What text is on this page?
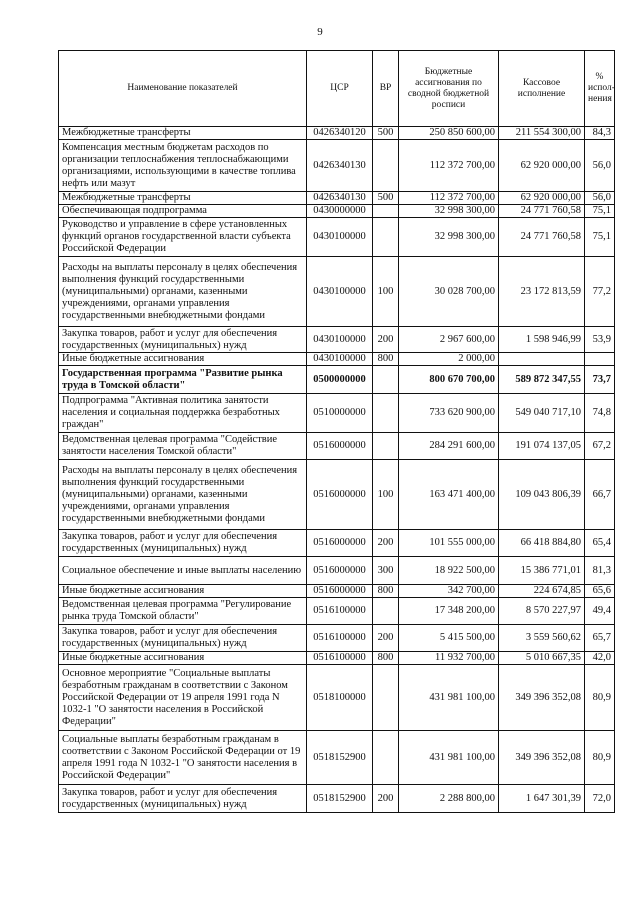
9
Наименование показателей	ЦСР	ВР	Бюджетные ассигнования по сводной бюджетной росписи	Кассовое исполнение	% испол-нения
Межбюджетные трансферты	0426340120	500	250 850 600,00	211 554 300,00	84,3
Компенсация местным бюджетам расходов по организации теплоснабжения теплоснабжающими организациями, использующими в качестве топлива нефть или мазут	0426340130		112 372 700,00	62 920 000,00	56,0
Межбюджетные трансферты	0426340130	500	112 372 700,00	62 920 000,00	56,0
Обеспечивающая подпрограмма	0430000000		32 998 300,00	24 771 760,58	75,1
Руководство и управление в сфере установленных функций органов государственной власти субъекта Российской Федерации	0430100000		32 998 300,00	24 771 760,58	75,1
Расходы на выплаты персоналу в целях обеспечения выполнения функций государственными (муниципальными) органами, казенными учреждениями, органами управления государственными внебюджетными фондами	0430100000	100	30 028 700,00	23 172 813,59	77,2
Закупка товаров, работ и услуг для обеспечения государственных (муниципальных) нужд	0430100000	200	2 967 600,00	1 598 946,99	53,9
Иные бюджетные ассигнования	0430100000	800	2 000,00		
Государственная программа "Развитие рынка труда в Томской области"	0500000000		800 670 700,00	589 872 347,55	73,7
Подпрограмма "Активная политика занятости населения и социальная поддержка безработных граждан"	0510000000		733 620 900,00	549 040 717,10	74,8
Ведомственная целевая программа "Содействие занятости населения Томской области"	0516000000		284 291 600,00	191 074 137,05	67,2
Расходы на выплаты персоналу в целях обеспечения выполнения функций государственными (муниципальными) органами, казенными учреждениями, органами управления государственными внебюджетными фондами	0516000000	100	163 471 400,00	109 043 806,39	66,7
Закупка товаров, работ и услуг для обеспечения государственных (муниципальных) нужд	0516000000	200	101 555 000,00	66 418 884,80	65,4
Социальное обеспечение и иные выплаты населению	0516000000	300	18 922 500,00	15 386 771,01	81,3
Иные бюджетные ассигнования	0516000000	800	342 700,00	224 674,85	65,6
Ведомственная целевая программа "Регулирование рынка труда Томской области"	0516100000		17 348 200,00	8 570 227,97	49,4
Закупка товаров, работ и услуг для обеспечения государственных (муниципальных) нужд	0516100000	200	5 415 500,00	3 559 560,62	65,7
Иные бюджетные ассигнования	0516100000	800	11 932 700,00	5 010 667,35	42,0
Основное мероприятие "Социальные выплаты безработным гражданам в соответствии с Законом Российской Федерации от 19 апреля 1991 года N 1032-1 "О занятости населения в Российской Федерации"	0518100000		431 981 100,00	349 396 352,08	80,9
Социальные выплаты безработным гражданам в соответствии с Законом Российской Федерации от 19 апреля 1991 года N 1032-1 "О занятости населения в Российской Федерации"	0518152900		431 981 100,00	349 396 352,08	80,9
Закупка товаров, работ и услуг для обеспечения государственных (муниципальных) нужд	0518152900	200	2 288 800,00	1 647 301,39	72,0
